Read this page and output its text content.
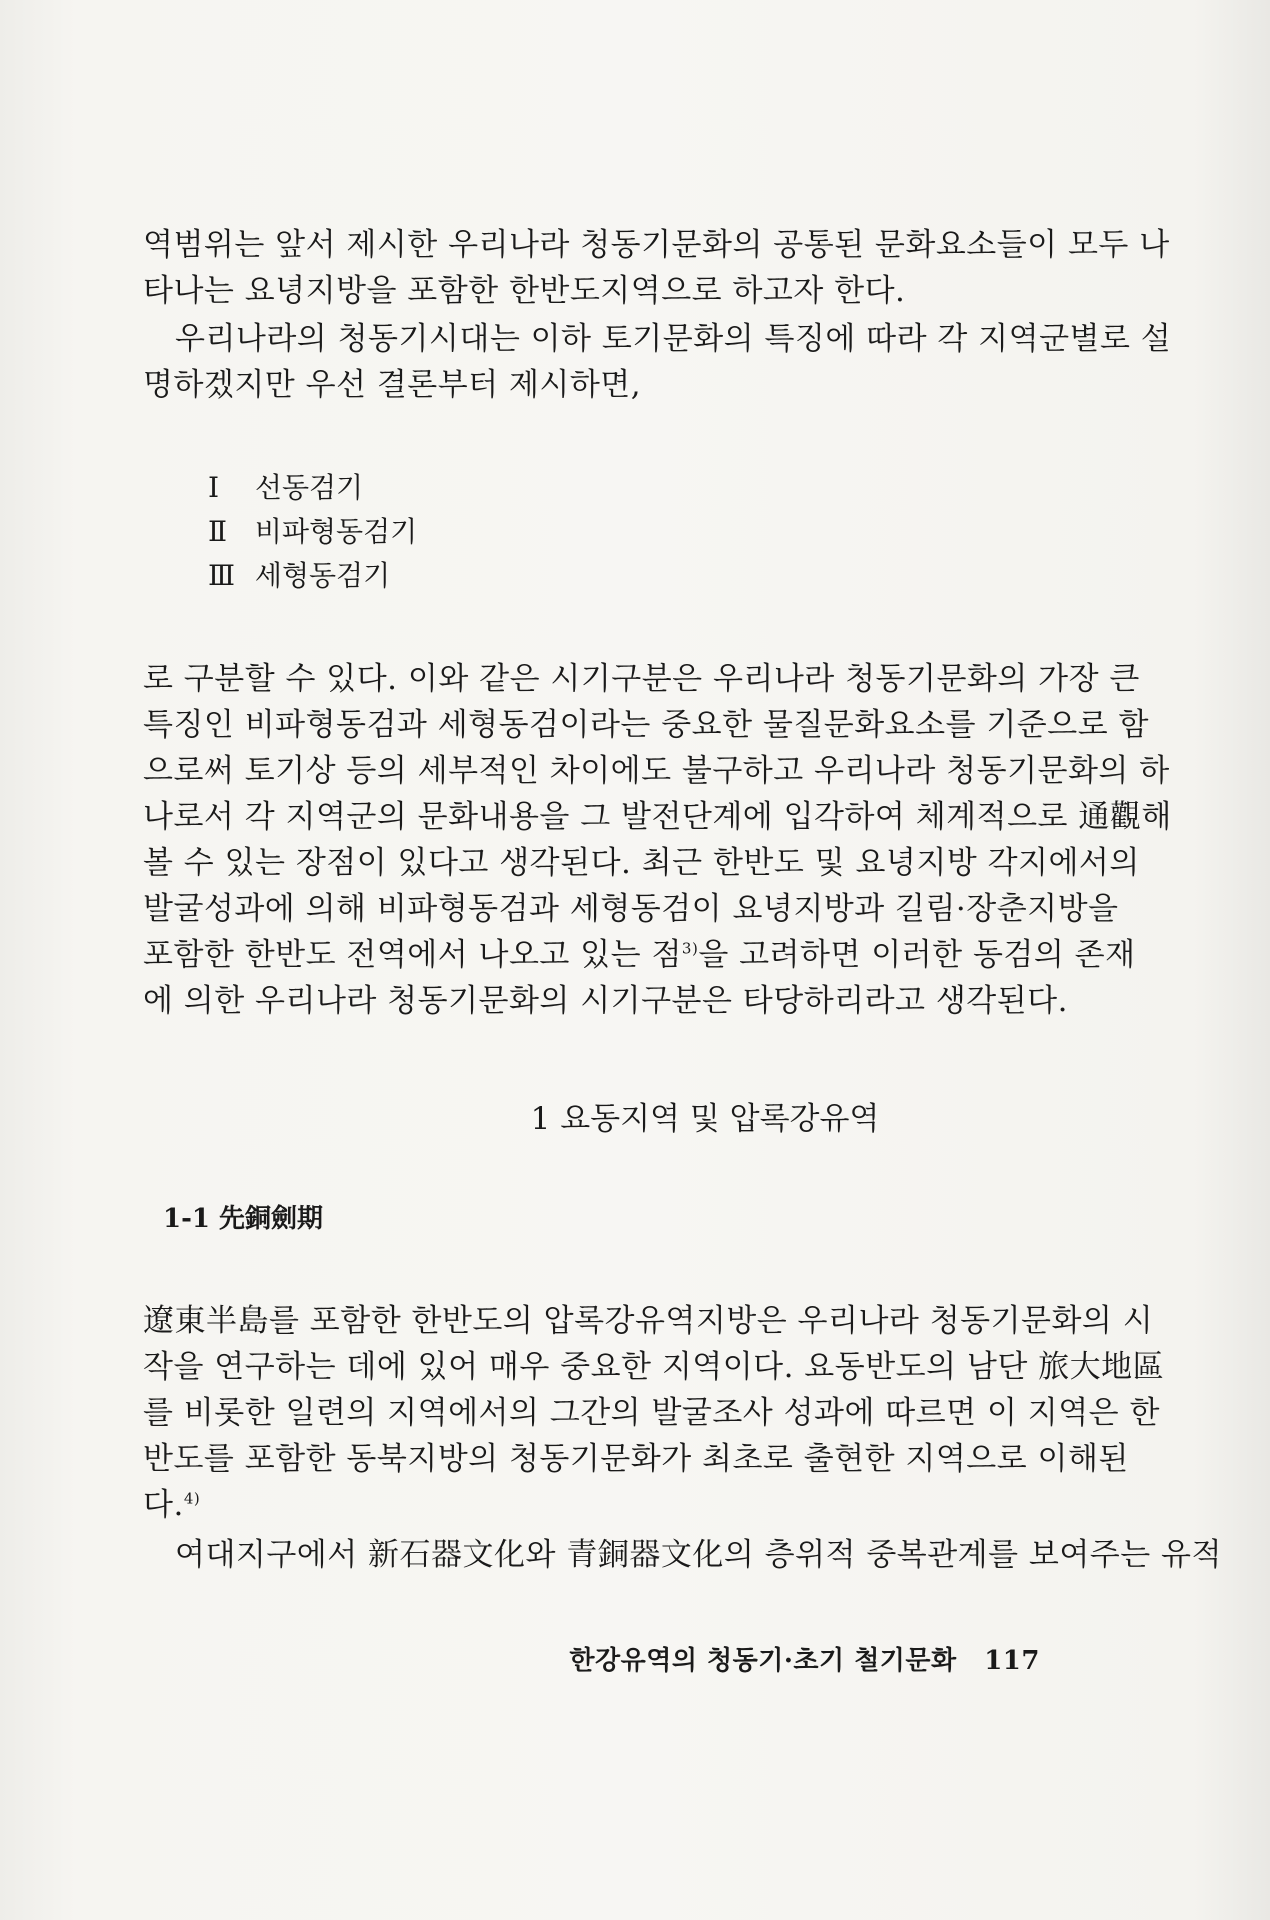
역범위는 앞서 제시한 우리나라 청동기문화의 공통된 문화요소들이 모두 나
타나는 요녕지방을 포함한 한반도지역으로 하고자 한다.
우리나라의 청동기시대는 이하 토기문화의 특징에 따라 각 지역군별로 설
명하겠지만 우선 결론부터 제시하면,
Ⅰ 선동검기
Ⅱ 비파형동검기
Ⅲ 세형동검기
로 구분할 수 있다. 이와 같은 시기구분은 우리나라 청동기문화의 가장 큰
특징인 비파형동검과 세형동검이라는 중요한 물질문화요소를 기준으로 함
으로써 토기상 등의 세부적인 차이에도 불구하고 우리나라 청동기문화의 하
나로서 각 지역군의 문화내용을 그 발전단계에 입각하여 체계적으로 通觀해
볼 수 있는 장점이 있다고 생각된다. 최근 한반도 및 요녕지방 각지에서의
발굴성과에 의해 비파형동검과 세형동검이 요녕지방과 길림·장춘지방을
포함한 한반도 전역에서 나오고 있는 점$^{3)}$을 고려하면 이러한 동검의 존재
에 의한 우리나라 청동기문화의 시기구분은 타당하리라고 생각된다.
1 요동지역 및 압록강유역
1-1 先銅劍期
遼東半島를 포함한 한반도의 압록강유역지방은 우리나라 청동기문화의 시
작을 연구하는 데에 있어 매우 중요한 지역이다. 요동반도의 남단 旅大地區
를 비롯한 일련의 지역에서의 그간의 발굴조사 성과에 따르면 이 지역은 한
반도를 포함한 동북지방의 청동기문화가 최초로 출현한 지역으로 이해된
다.$^{4)}$
여대지구에서 新石器文化와 青銅器文化의 층위적 중복관계를 보여주는 유적
한강유역의 청동기·초기 철기문화 117
